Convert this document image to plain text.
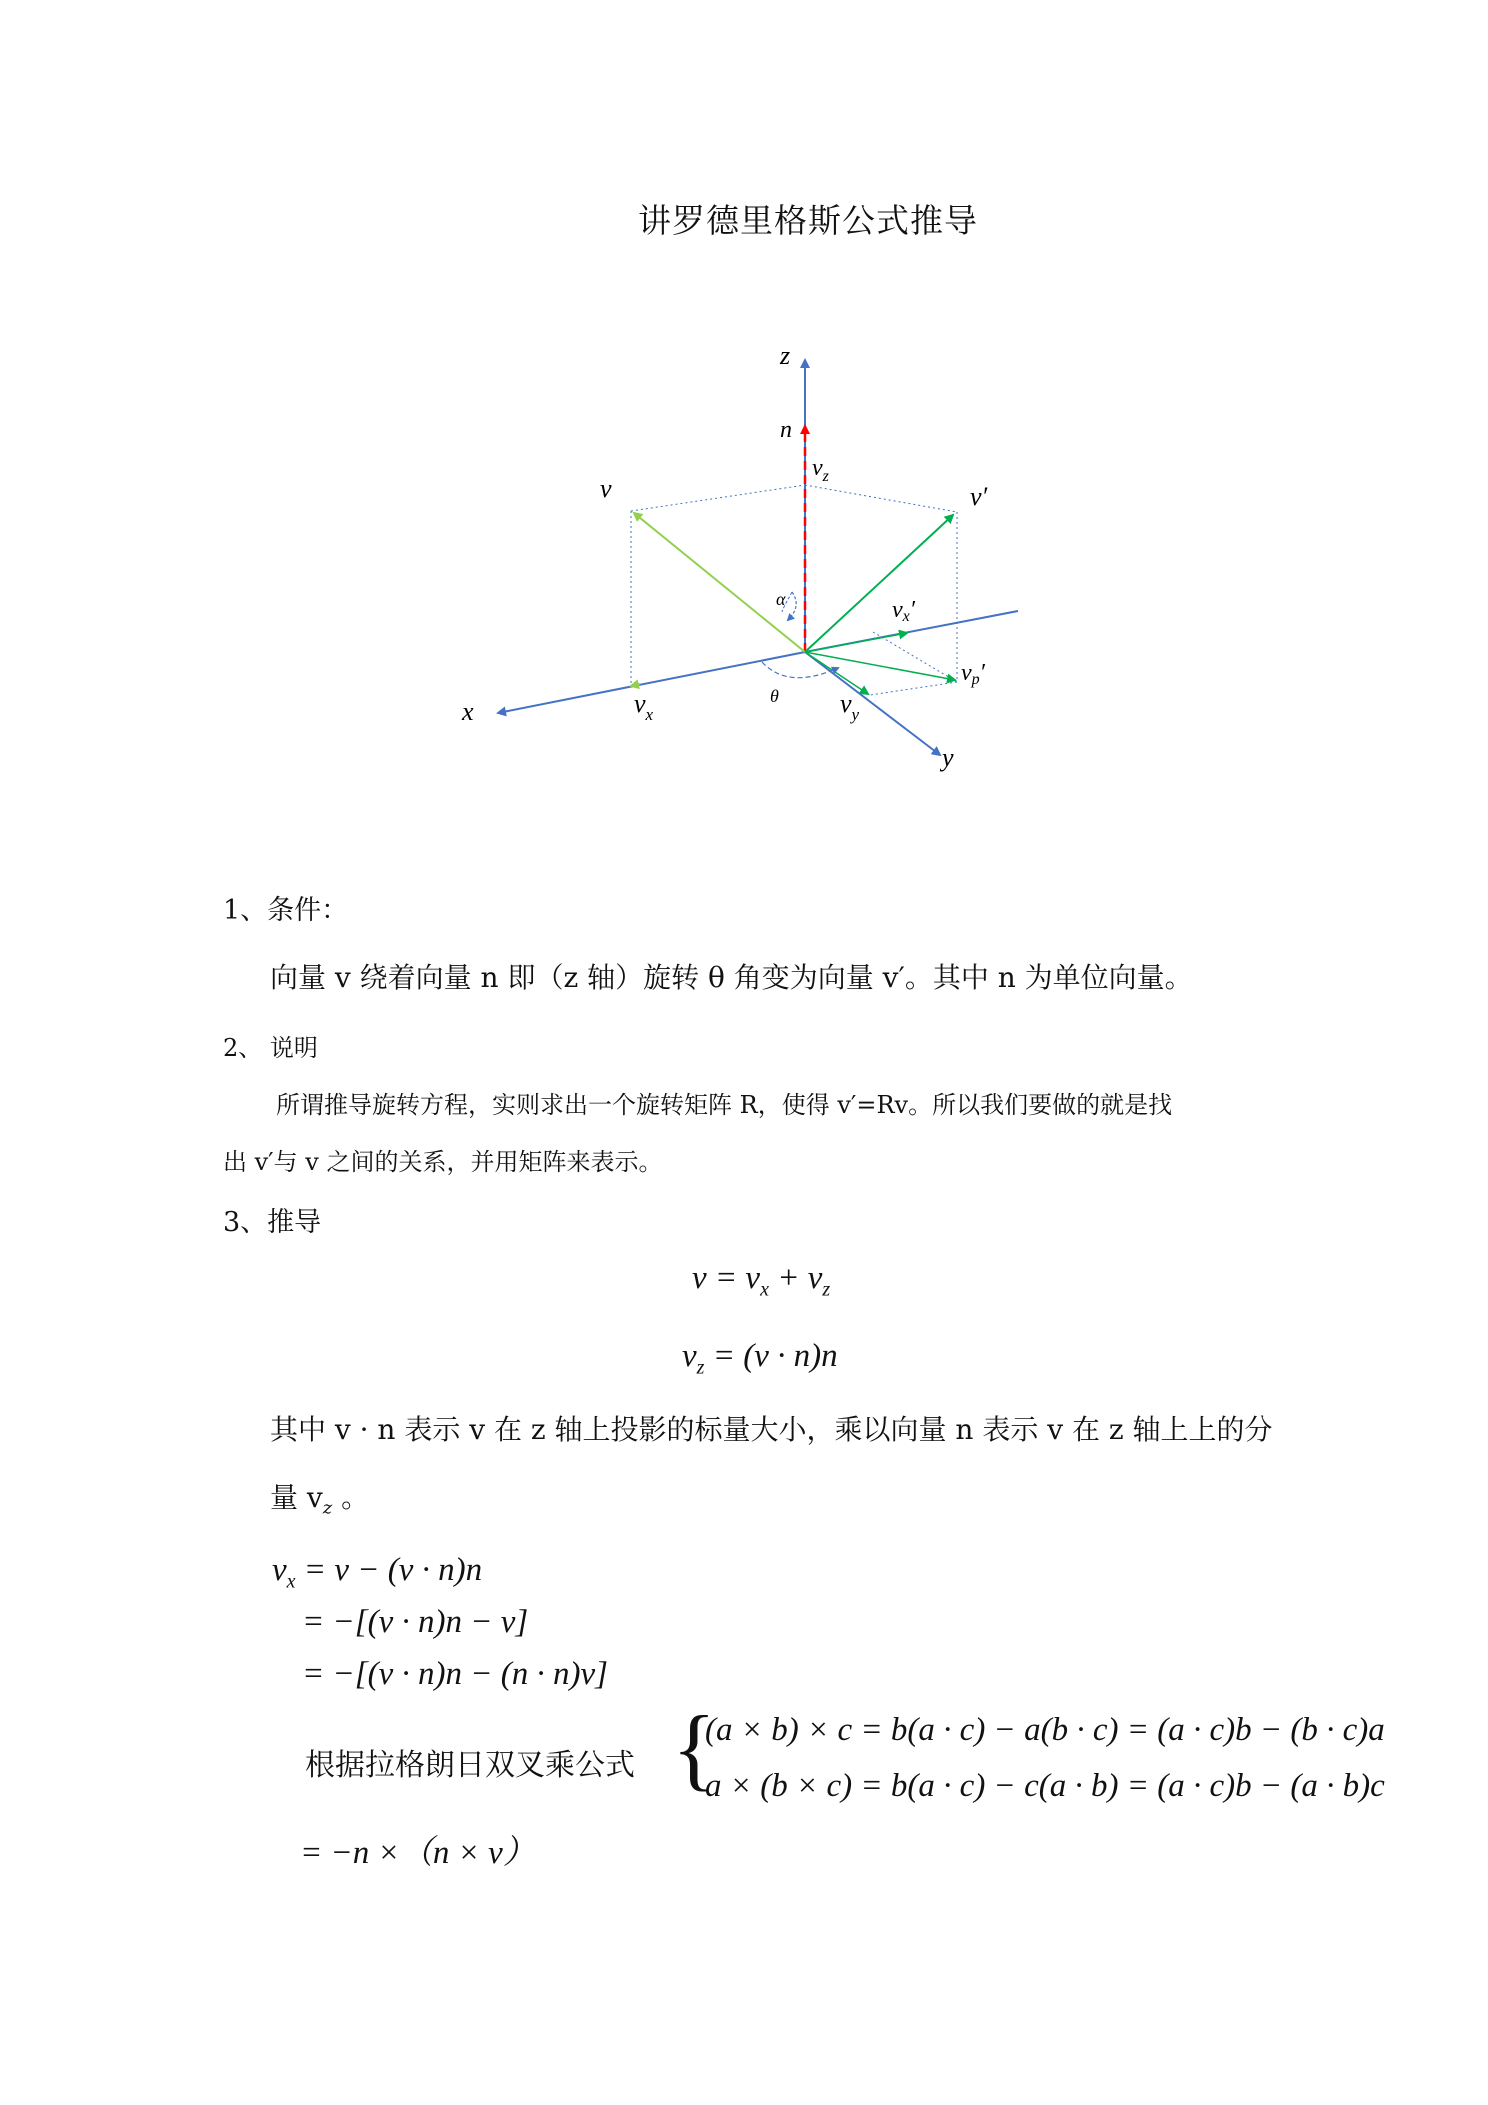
讲罗德里格斯公式推导
z
n
$v_z$
v	v′
α	vx′
vp′
x	$v_x$
θ $v_y$
y
1、条件：
向量 v 绕着向量 n 即（z 轴）旋转 θ 角变为向量 v′。其中 n 为单位向量。
2、 说明
所谓推导旋转方程，实则求出一个旋转矩阵 R，使得 v′=Rv。所以我们要做的就是找
出 v′与 v 之间的关系，并用矩阵来表示。
3、推导
$v = v_x + v_z$
$v_z = (v \cdot n)n$
其中 v · n 表示 v 在 z 轴上投影的标量大小，乘以向量 n 表示 v 在 z 轴上上的分
量 $v_z$ 。
$v_x = v - (v \cdot n)n$
= −[(v · n)n − v]
= −[(v · n)n − (n · n)v]
根据拉格朗日双叉乘公式 {
(a × b) × c = b(a · c) − a(b · c) = (a · c)b − (b · c)a
a × (b × c) = b(a · c) − c(a · b) = (a · c)b − (a · b)c
= −n ×（n × v）
